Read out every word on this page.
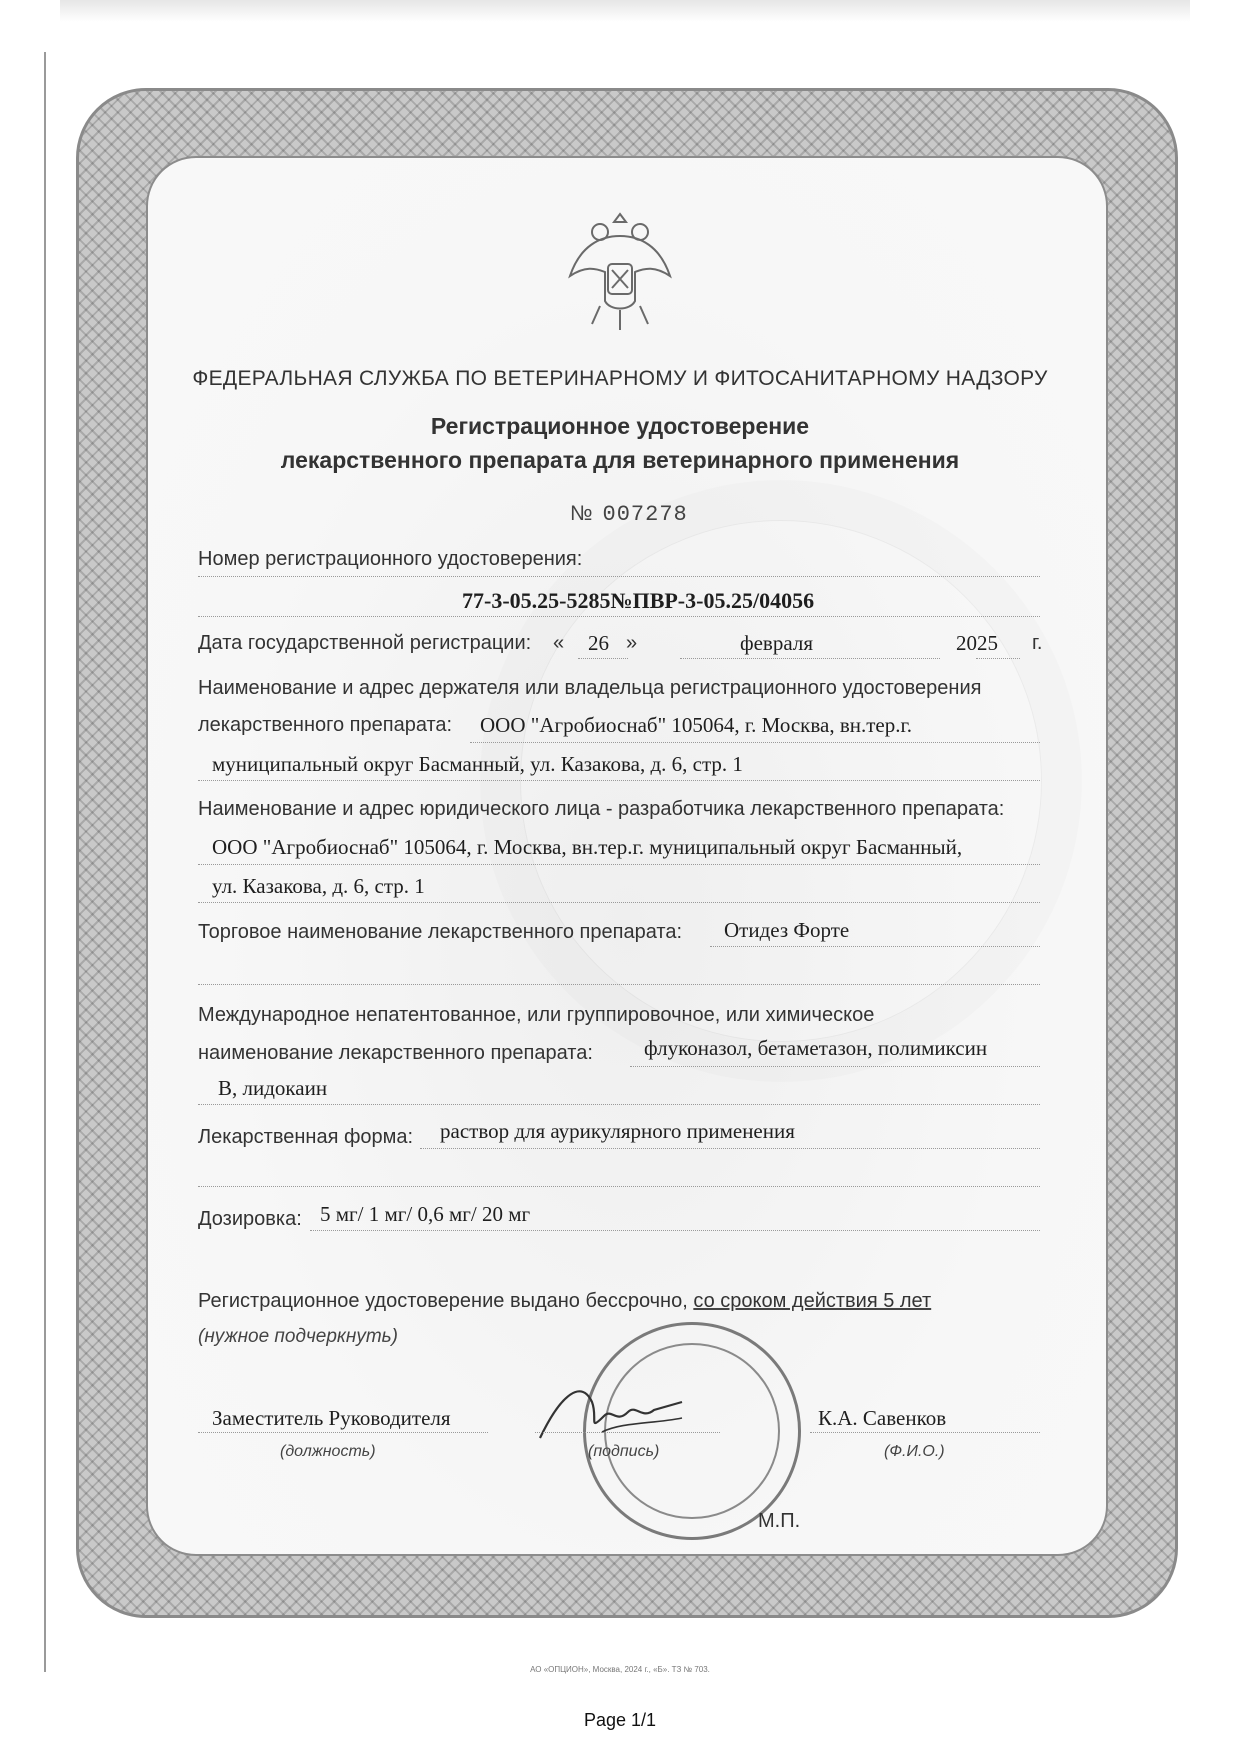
ФЕДЕРАЛЬНАЯ СЛУЖБА ПО ВЕТЕРИНАРНОМУ И ФИТОСАНИТАРНОМУ НАДЗОРУ
Регистрационное удостоверение
лекарственного препарата для ветеринарного применения
№ 007278
Номер регистрационного удостоверения:
77-3-05.25-5285№ПВР-3-05.25/04056
Дата государственной регистрации: « 26 »	февраля	2025 г.
Наименование и адрес держателя или владельца регистрационного удостоверения
лекарственного препарата: ООО "Агробиоснаб" 105064, г. Москва, вн.тер.г.
муниципальный округ Басманный, ул. Казакова, д. 6, стр. 1
Наименование и адрес юридического лица - разработчика лекарственного препарата:
ООО "Агробиоснаб" 105064, г. Москва, вн.тер.г. муниципальный округ Басманный,
ул. Казакова, д. 6, стр. 1
Торговое наименование лекарственного препарата: Отидез Форте
Международное непатентованное, или группировочное, или химическое
наименование лекарственного препарата: флуконазол, бетаметазон, полимиксин
В, лидокаин
Лекарственная форма: раствор для аурикулярного применения
Дозировка: 5 мг/ 1 мг/ 0,6 мг/ 20 мг
Регистрационное удостоверение выдано бессрочно, со сроком действия 5 лет
(нужное подчеркнуть)
Заместитель Руководителя
(должность)	(подпись)
К.А. Савенков
(Ф.И.О.)
М.П.
АО «ОПЦИОН», Москва, 2024 г., «Б». ТЗ № 703.
Page 1/1
